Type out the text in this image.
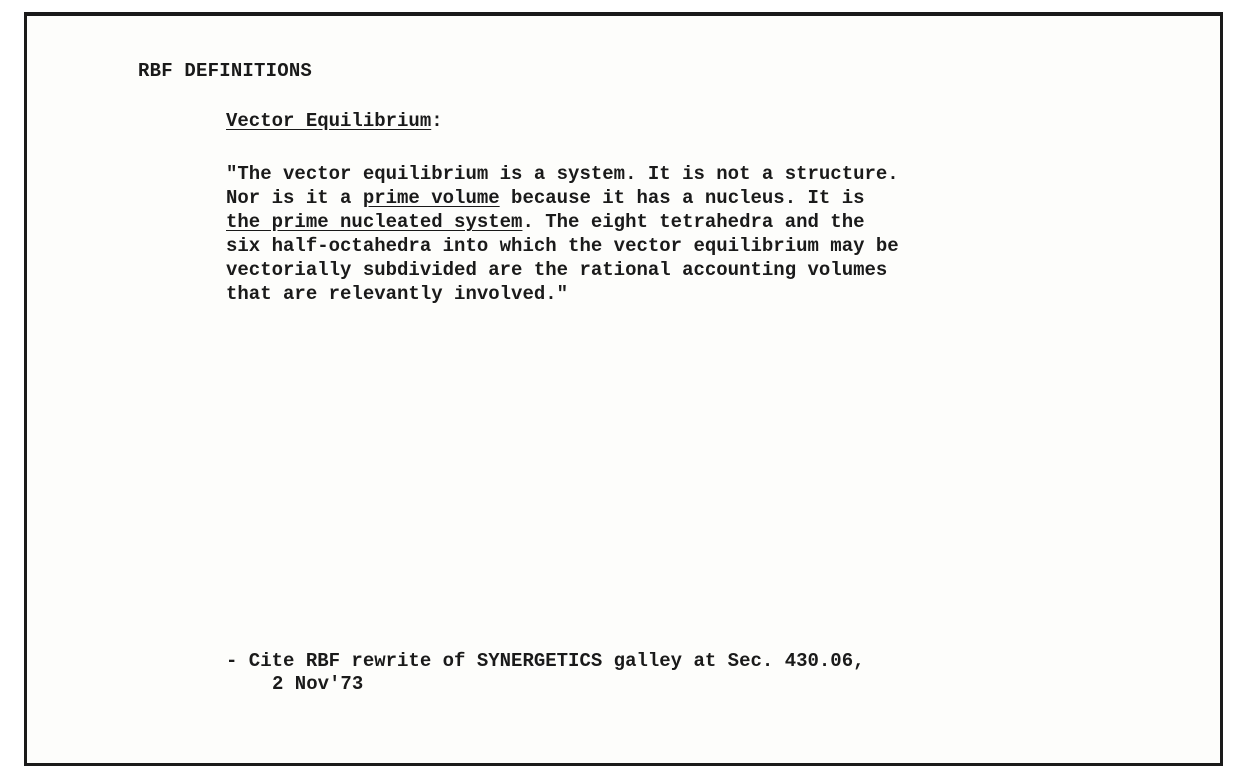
RBF DEFINITIONS
Vector Equilibrium:
"The vector equilibrium is a system. It is not a structure.
Nor is it a prime volume because it has a nucleus. It is
the prime nucleated system. The eight tetrahedra and the
six half-octahedra into which the vector equilibrium may be
vectorially subdivided are the rational accounting volumes
that are relevantly involved."
- Cite RBF rewrite of SYNERGETICS galley at Sec. 430.06,
2 Nov'73
